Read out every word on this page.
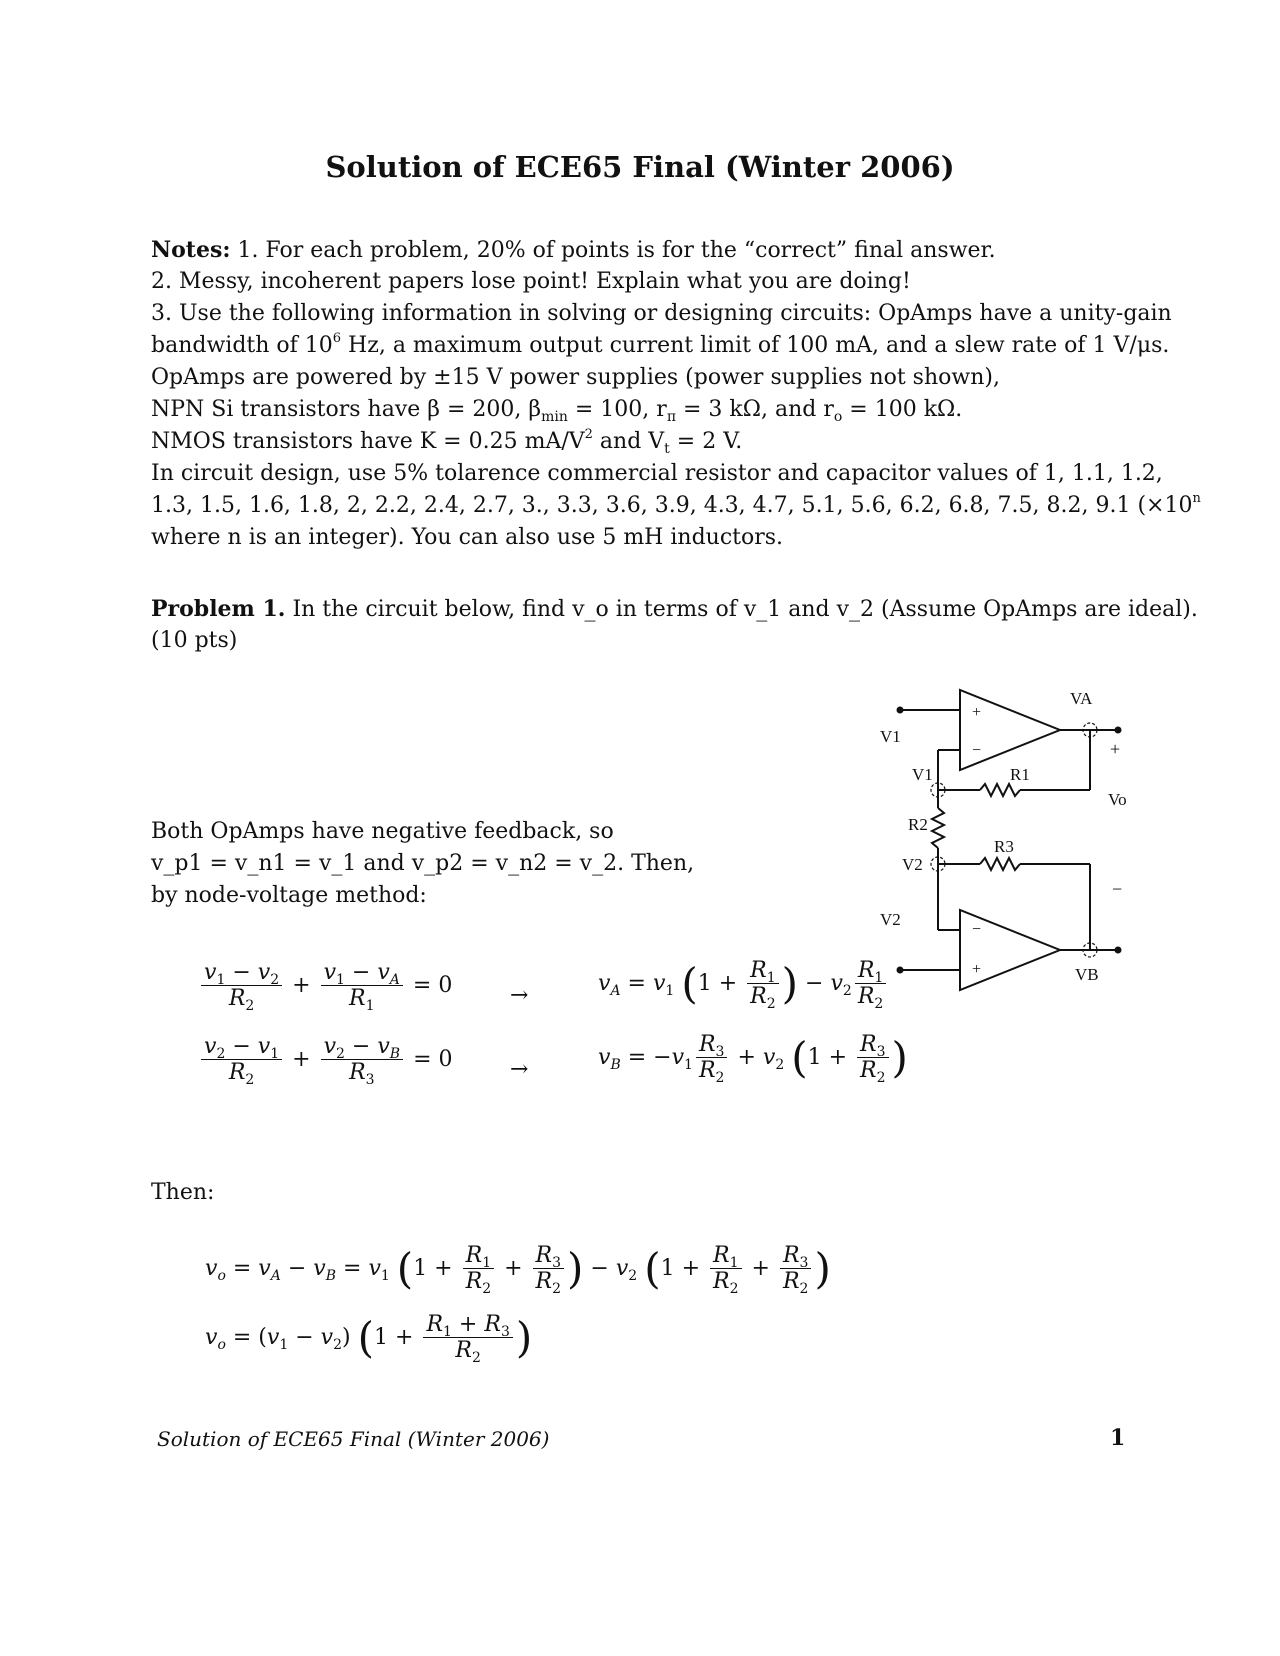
Solution of ECE65 Final (Winter 2006)
Notes: 1. For each problem, 20% of points is for the “correct” final answer.
2. Messy, incoherent papers lose point! Explain what you are doing!
3. Use the following information in solving or designing circuits: OpAmps have a unity-gain
bandwidth of $10^6$ Hz, a maximum output current limit of 100 mA, and a slew rate of 1 V/μs.
OpAmps are powered by ±15 V power supplies (power supplies not shown),
NPN Si transistors have β = 200, $\beta_{min} = 100$, $r_\pi = 3$ kΩ, and $r_o = 100$ kΩ.
NMOS transistors have K = 0.25 $mA/V^2$ and $V_t = 2$ V.
In circuit design, use 5% tolarence commercial resistor and capacitor values of 1, 1.1, 1.2,
1.3, 1.5, 1.6, 1.8, 2, 2.2, 2.4, 2.7, 3., 3.3, 3.6, 3.9, 4.3, 4.7, 5.1, 5.6, 6.2, 6.8, 7.5, 8.2, 9.1 ($\times 10^n$
where n is an integer). You can also use 5 mH inductors.
Problem 1. In the circuit below, find v_o in terms of v_1 and v_2 (Assume OpAmps are ideal).
(10 pts)
Both OpAmps have negative feedback, so
v_p1 = v_n1 = v_1 and v_p2 = v_n2 = v_2. Then,
by node-voltage method:
$\frac{v_1 - v_2}{R_2} + \frac{v_1 - v_A}{R_1} = 0$	→	$v_A = v_1$ ($1 + \frac{R_1}{R_2}$ ) − $v_2 \frac{R_1}{R_2}$
$\frac{v_2 - v_1}{R_2} + \frac{v_2 - v_B}{R_3} = 0$	→	$v_B = -v_1 \frac{R_3}{R_2} + v_2$ ($1 + \frac{R_3}{R_2}$ )
Then:
$v_o = v_A - v_B = v_1$ ($1 + \frac{R_1}{R_2} + \frac{R_3}{R_2}$ ) − $v_2$ ($1 + \frac{R_1}{R_2} + \frac{R_3}{R_2}$ )
$v_o = (v_1 - v_2) (1 + \frac{R_1 + R_3}{R_2}$ )
+
−
−
+
V1
V2
V1
V2
R1
R2
R3
VA
VB
Vo
+
−
Solution of ECE65 Final (Winter 2006)	1
